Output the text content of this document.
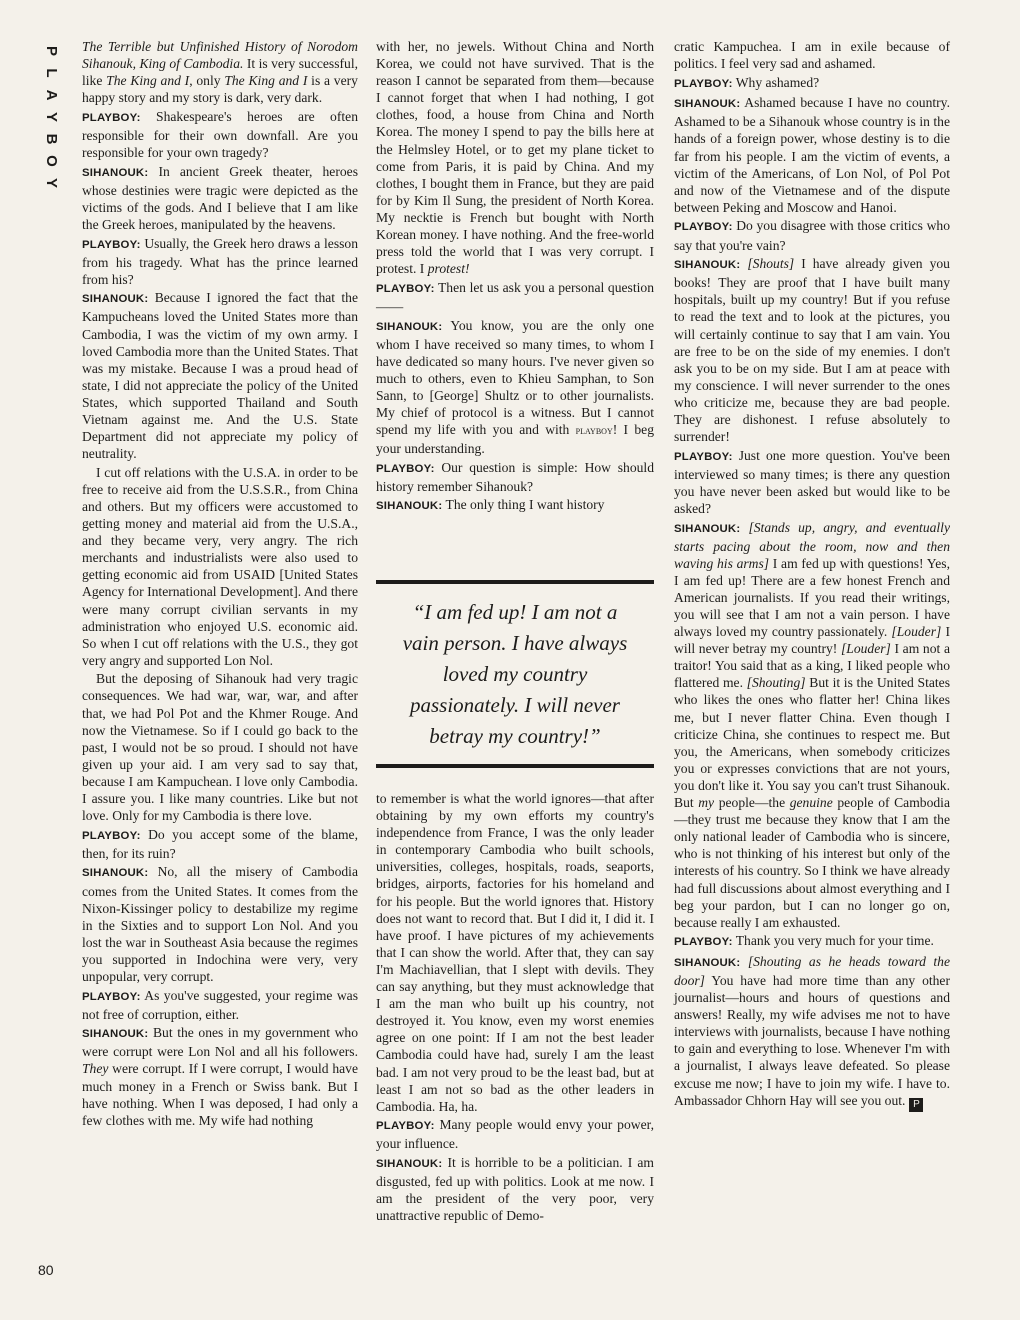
P
L
A
Y
B
O
Y
80

The Terrible but Unfinished History of Norodom Sihanouk, King of Cambodia. It is very successful, like The King and I, only The King and I is a very happy story and my story is dark, very dark.

PLAYBOY: Shakespeare's heroes are often responsible for their own downfall. Are you responsible for your own tragedy?

SIHANOUK: In ancient Greek theater, heroes whose destinies were tragic were depicted as the victims of the gods. And I believe that I am like the Greek heroes, manipulated by the heavens.

PLAYBOY: Usually, the Greek hero draws a lesson from his tragedy. What has the prince learned from his?

SIHANOUK: Because I ignored the fact that the Kampucheans loved the United States more than Cambodia, I was the victim of my own army. I loved Cambodia more than the United States. That was my mistake. Because I was a proud head of state, I did not appreciate the policy of the United States, which supported Thailand and South Vietnam against me. And the U.S. State Department did not appreciate my policy of neutrality.

I cut off relations with the U.S.A. in order to be free to receive aid from the U.S.S.R., from China and others. But my officers were accustomed to getting money and material aid from the U.S.A., and they became very, very angry. The rich merchants and industrialists were also used to getting economic aid from USAID [United States Agency for International Development]. And there were many corrupt civilian servants in my administration who enjoyed U.S. economic aid. So when I cut off relations with the U.S., they got very angry and supported Lon Nol.

But the deposing of Sihanouk had very tragic consequences. We had war, war, war, and after that, we had Pol Pot and the Khmer Rouge. And now the Vietnamese. So if I could go back to the past, I would not be so proud. I should not have given up your aid. I am very sad to say that, because I am Kampuchean. I love only Cambodia. I assure you. I like many countries. Like but not love. Only for my Cambodia is there love.

PLAYBOY: Do you accept some of the blame, then, for its ruin?

SIHANOUK: No, all the misery of Cambodia comes from the United States. It comes from the Nixon-Kissinger policy to destabilize my regime in the Sixties and to support Lon Nol. And you lost the war in Southeast Asia because the regimes you supported in Indochina were very, very unpopular, very corrupt.

PLAYBOY: As you've suggested, your regime was not free of corruption, either.

SIHANOUK: But the ones in my government who were corrupt were Lon Nol and all his followers. They were corrupt. If I were corrupt, I would have much money in a French or Swiss bank. But I have nothing. When I was deposed, I had only a few clothes with me. My wife had nothing

with her, no jewels. Without China and North Korea, we could not have survived. That is the reason I cannot be separated from them—because I cannot forget that when I had nothing, I got clothes, food, a house from China and North Korea. The money I spend to pay the bills here at the Helmsley Hotel, or to get my plane ticket to come from Paris, it is paid by China. And my clothes, I bought them in France, but they are paid for by Kim Il Sung, the president of North Korea. My necktie is French but bought with North Korean money. I have nothing. And the free-world press told the world that I was very corrupt. I protest. I protest!

PLAYBOY: Then let us ask you a personal question——

SIHANOUK: You know, you are the only one whom I have received so many times, to whom I have dedicated so many hours. I've never given so much to others, even to Khieu Samphan, to Son Sann, to [George] Shultz or to other journalists. My chief of protocol is a witness. But I cannot spend my life with you and with playboy! I beg your understanding.

PLAYBOY: Our question is simple: How should history remember Sihanouk?

SIHANOUK: The only thing I want history

“I am fed up! I am not a vain person. I have always loved my country passionately. I will never betray my country!”

to remember is what the world ignores—that after obtaining by my own efforts my country's independence from France, I was the only leader in contemporary Cambodia who built schools, universities, colleges, hospitals, roads, seaports, bridges, airports, factories for his homeland and for his people. But the world ignores that. History does not want to record that. But I did it, I did it. I have proof. I have pictures of my achievements that I can show the world. After that, they can say I'm Machiavellian, that I slept with devils. They can say anything, but they must acknowledge that I am the man who built up his country, not destroyed it. You know, even my worst enemies agree on one point: If I am not the best leader Cambodia could have had, surely I am the least bad. I am not very proud to be the least bad, but at least I am not so bad as the other leaders in Cambodia. Ha, ha.

PLAYBOY: Many people would envy your power, your influence.

SIHANOUK: It is horrible to be a politician. I am disgusted, fed up with politics. Look at me now. I am the president of the very poor, very unattractive republic of Demo-

cratic Kampuchea. I am in exile because of politics. I feel very sad and ashamed.

PLAYBOY: Why ashamed?

SIHANOUK: Ashamed because I have no country. Ashamed to be a Sihanouk whose country is in the hands of a foreign power, whose destiny is to die far from his people. I am the victim of events, a victim of the Americans, of Lon Nol, of Pol Pot and now of the Vietnamese and of the dispute between Peking and Moscow and Hanoi.

PLAYBOY: Do you disagree with those critics who say that you're vain?

SIHANOUK: [Shouts] I have already given you books! They are proof that I have built many hospitals, built up my country! But if you refuse to read the text and to look at the pictures, you will certainly continue to say that I am vain. You are free to be on the side of my enemies. I don't ask you to be on my side. But I am at peace with my conscience. I will never surrender to the ones who criticize me, because they are bad people. They are dishonest. I refuse absolutely to surrender!

PLAYBOY: Just one more question. You've been interviewed so many times; is there any question you have never been asked but would like to be asked?

SIHANOUK: [Stands up, angry, and eventually starts pacing about the room, now and then waving his arms] I am fed up with questions! Yes, I am fed up! There are a few honest French and American journalists. If you read their writings, you will see that I am not a vain person. I have always loved my country passionately. [Louder] I will never betray my country! [Louder] I am not a traitor! You said that as a king, I liked people who flattered me. [Shouting] But it is the United States who likes the ones who flatter her! China likes me, but I never flatter China. Even though I criticize China, she continues to respect me. But you, the Americans, when somebody criticizes you or expresses convictions that are not yours, you don't like it. You say you can't trust Sihanouk. But my people—the genuine people of Cambodia—they trust me because they know that I am the only national leader of Cambodia who is sincere, who is not thinking of his interest but only of the interests of his country. So I think we have already had full discussions about almost everything and I beg your pardon, but I can no longer go on, because really I am exhausted.

PLAYBOY: Thank you very much for your time.

SIHANOUK: [Shouting as he heads toward the door] You have had more time than any other journalist—hours and hours of questions and answers! Really, my wife advises me not to have interviews with journalists, because I have nothing to gain and everything to lose. Whenever I'm with a journalist, I always leave defeated. So please excuse me now; I have to join my wife. I have to. Ambassador Chhorn Hay will see you out. P
